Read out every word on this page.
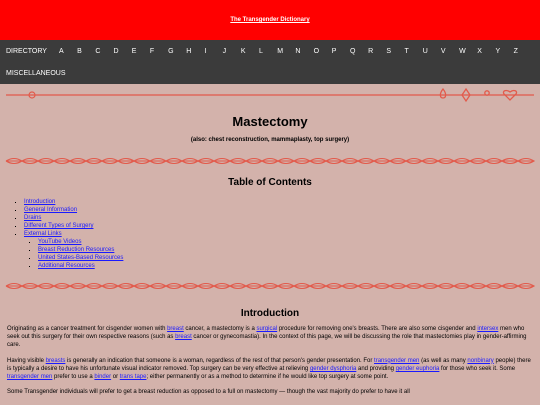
The Transgender Dictionary
DIRECTORY A	B	C	D	E	F	G	H	I	J	K	L	M	N	O	P	Q	R	S	T	U	V	W	X	Y	Z
MISCELLANEOUS
Mastectomy
(also: chest reconstruction, mammaplasty, top surgery)
Table of Contents
▪ Introduction
▪ General Information
▪ Drains
▪ Different Types of Surgery
▪ External Links
▪ YouTube Videos
▪ Breast Reduction Resources
▪ United States-Based Resources
▪ Additional Resources
Introduction

Originating as a cancer treatment for cisgender women with breast cancer, a mastectomy is a surgical procedure for removing one's breasts. There are also some cisgender and intersex men who seek out this surgery for their own respective reasons (such as breast cancer or gynecomastia). In the context of this page, we will be discussing the role that mastectomies play in gender-affirming care.

Having visible breasts is generally an indication that someone is a woman, regardless of the rest of that person's gender presentation. For transgender men (as well as many nonbinary people) there is typically a desire to have his unfortunate visual indicator removed. Top surgery can be very effective at relieving gender dysphoria and providing gender euphoria for those who seek it. Some transgender men prefer to use a binder or trans tape; either permanently or as a method to determine if he would like top surgery at some point.

Some Transgender individuals will prefer to get a breast reduction as opposed to a full on mastectomy — though the vast majority do prefer to have it all
